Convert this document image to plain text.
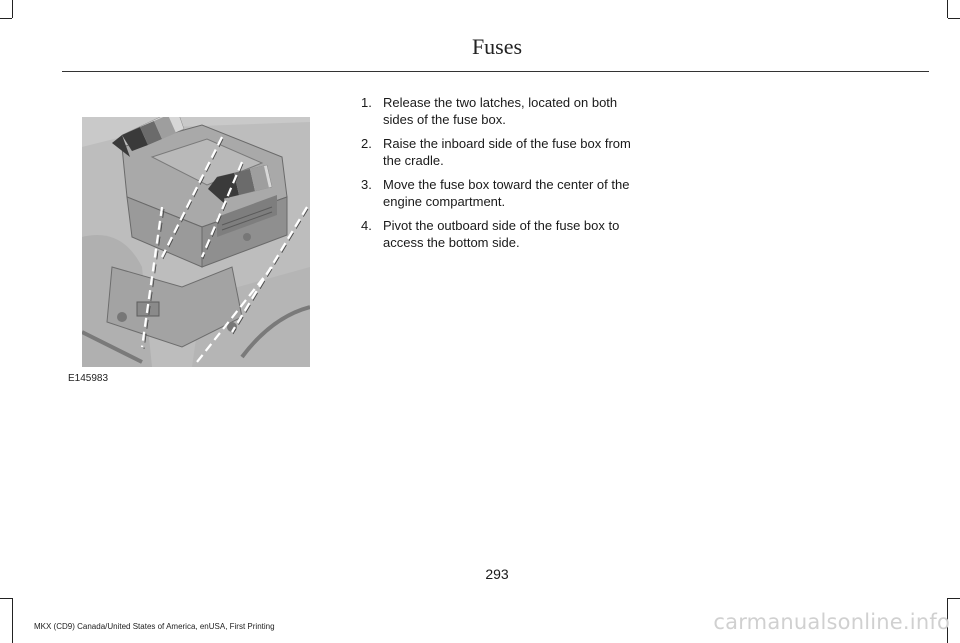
Fuses
E145983
1. Release the two latches, located on both sides of the fuse box.
2. Raise the inboard side of the fuse box from the cradle.
3. Move the fuse box toward the center of the engine compartment.
4. Pivot the outboard side of the fuse box to access the bottom side.
293
MKX (CD9) Canada/United States of America, enUSA, First Printing	carmanualsonline.info
